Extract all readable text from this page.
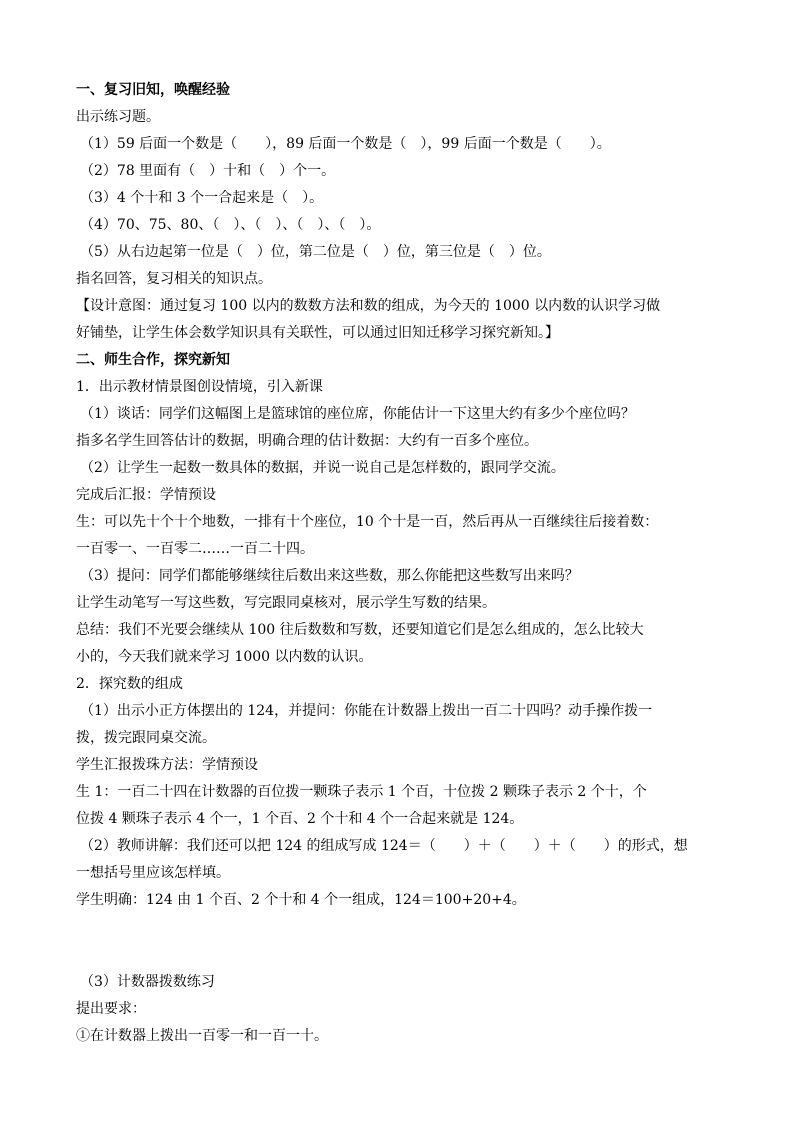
一、复习旧知，唤醒经验
出示练习题。
（1）59 后面一个数是（　　），89 后面一个数是（　），99 后面一个数是（　　）。
（2）78 里面有（　）十和（　）个一。
（3）4 个十和 3 个一合起来是（　）。
（4）70、75、80、（　）、（　）、（　）、（　）。
（5）从右边起第一位是（　）位，第二位是（　）位，第三位是（　）位。
指名回答，复习相关的知识点。
【设计意图：通过复习 100 以内的数数方法和数的组成，为今天的 1000 以内数的认识学习做
好铺垫，让学生体会数学知识具有关联性，可以通过旧知迁移学习探究新知。】
二、师生合作，探究新知
1．出示教材情景图创设情境，引入新课
（1）谈话：同学们这幅图上是篮球馆的座位席，你能估计一下这里大约有多少个座位吗？
指多名学生回答估计的数据，明确合理的估计数据：大约有一百多个座位。
（2）让学生一起数一数具体的数据，并说一说自己是怎样数的，跟同学交流。
完成后汇报：学情预设
生：可以先十个十个地数，一排有十个座位，10 个十是一百，然后再从一百继续往后接着数：
一百零一、一百零二……一百二十四。
（3）提问：同学们都能够继续往后数出来这些数，那么你能把这些数写出来吗？
让学生动笔写一写这些数，写完跟同桌核对，展示学生写数的结果。
总结：我们不光要会继续从 100 往后数数和写数，还要知道它们是怎么组成的，怎么比较大
小的，今天我们就来学习 1000 以内数的认识。
2．探究数的组成
（1）出示小正方体摆出的 124，并提问：你能在计数器上拨出一百二十四吗？动手操作拨一
拨，拨完跟同桌交流。
学生汇报拨珠方法：学情预设
生 1：一百二十四在计数器的百位拨一颗珠子表示 1 个百，十位拨 2 颗珠子表示 2 个十，个
位拨 4 颗珠子表示 4 个一，1 个百、2 个十和 4 个一合起来就是 124。
（2）教师讲解：我们还可以把 124 的组成写成 124＝（　　）＋（　　）＋（　　）的形式，想
一想括号里应该怎样填。
学生明确：124 由 1 个百、2 个十和 4 个一组成，124＝100+20+4。
（3）计数器拨数练习
提出要求：
①在计数器上拨出一百零一和一百一十。
